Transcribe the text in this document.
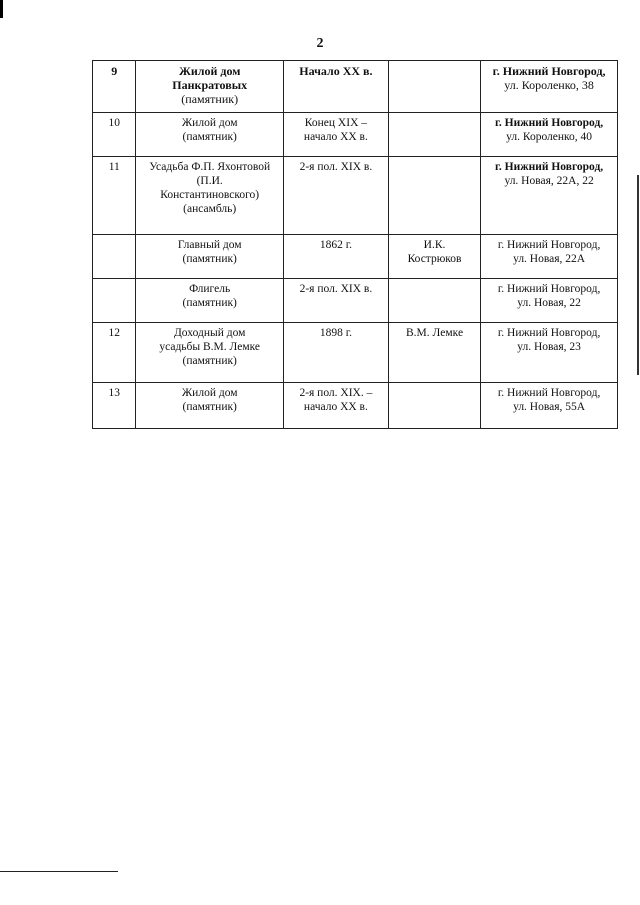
2
9	Жилой дом Панкратовых
(памятник)	Начало XX в.		г. Нижний Новгород,
ул. Короленко, 38

10	Жилой дом
(памятник)	Конец XIX –
начало XX в.		г. Нижний Новгород,
ул. Короленко, 40

11	Усадьба Ф.П. Яхонтовой
(П.И.
Константиновского)
(ансамбль)	2-я пол. XIX в.		г. Нижний Новгород,
ул. Новая, 22А, 22

	Главный дом
(памятник)	1862 г.	И.К.
Кострюков	г. Нижний Новгород,
ул. Новая, 22А

	Флигель
(памятник)	2-я пол. XIX в.		г. Нижний Новгород,
ул. Новая, 22

12	Доходный дом
усадьбы В.М. Лемке
(памятник)	1898 г.	В.М. Лемке	г. Нижний Новгород,
ул. Новая, 23

13	Жилой дом
(памятник)	2-я пол. XIX. –
начало XX в.		г. Нижний Новгород,
ул. Новая, 55А
